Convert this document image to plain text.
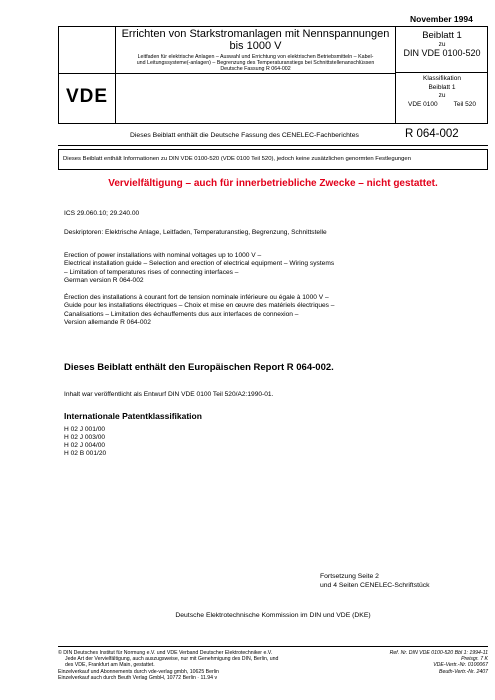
November 1994
VDE
Errichten von Starkstromanlagen mit Nennspannungen
bis 1000 V
Leitfaden für elektrische Anlagen – Auswahl und Errichtung von elektrischen Betriebsmitteln – Kabel-
und Leitungssysteme(-anlagen) – Begrenzung des Temperaturanstiegs bei Schnittstellenanschlüssen
Deutsche Fassung R 064-002
Beiblatt 1
zu
DIN VDE 0100-520
Klassifikation
Beiblatt 1
zu
VDE 0100 Teil 520
Dieses Beiblatt enthält die Deutsche Fassung des CENELEC-Fachberichtes	R 064-002
Dieses Beiblatt enthält Informationen zu DIN VDE 0100-520 (VDE 0100 Teil 520), jedoch keine zusätzlichen genormten Festlegungen
Vervielfältigung – auch für innerbetriebliche Zwecke – nicht gestattet.
ICS 29.060.10; 29.240.00
Deskriptoren: Elektrische Anlage, Leitfaden, Temperaturanstieg, Begrenzung, Schnittstelle
Erection of power installations with nominal voltages up to 1000 V –
Electrical installation guide – Selection and erection of electrical equipment – Wiring systems
– Limitation of temperatures rises of connecting interfaces –
German version R 064-002
Érection des installations à courant fort de tension nominale inférieure ou égale à 1000 V –
Guide pour les installations électriques – Choix et mise en œuvre des matériels électriques –
Canalisations – Limitation des échauffements dus aux interfaces de connexion –
Version allemande R 064-002
Dieses Beiblatt enthält den Europäischen Report R 064-002.
Inhalt war veröffentlicht als Entwurf DIN VDE 0100 Teil 520/A2:1990-01.
Internationale Patentklassifikation
H 02 J 001/00
H 02 J 003/00
H 02 J 004/00
H 02 B 001/20
Fortsetzung Seite 2
und 4 Seiten CENELEC-Schriftstück
Deutsche Elektrotechnische Kommission im DIN und VDE (DKE)
© DIN Deutsches Institut für Normung e.V. und VDE Verband Deutscher Elektrotechniker e.V.
Jede Art der Vervielfältigung, auch auszugsweise, nur mit Genehmigung des DIN, Berlin, und
des VDE, Frankfurt am Main, gestattet.
Einzelverkauf und Abonnements durch vde-verlag gmbh, 10625 Berlin
Einzelverkauf auch durch Beuth Verlag GmbH, 10772 Berlin · 11.94 v
Ref. Nr. DIN VDE 0100-520 Bbl 1: 1994-11
Preisgr. 7 K
VDE-Vertr.-Nr. 0100067
Beuth-Vertr.-Nr. 2407
